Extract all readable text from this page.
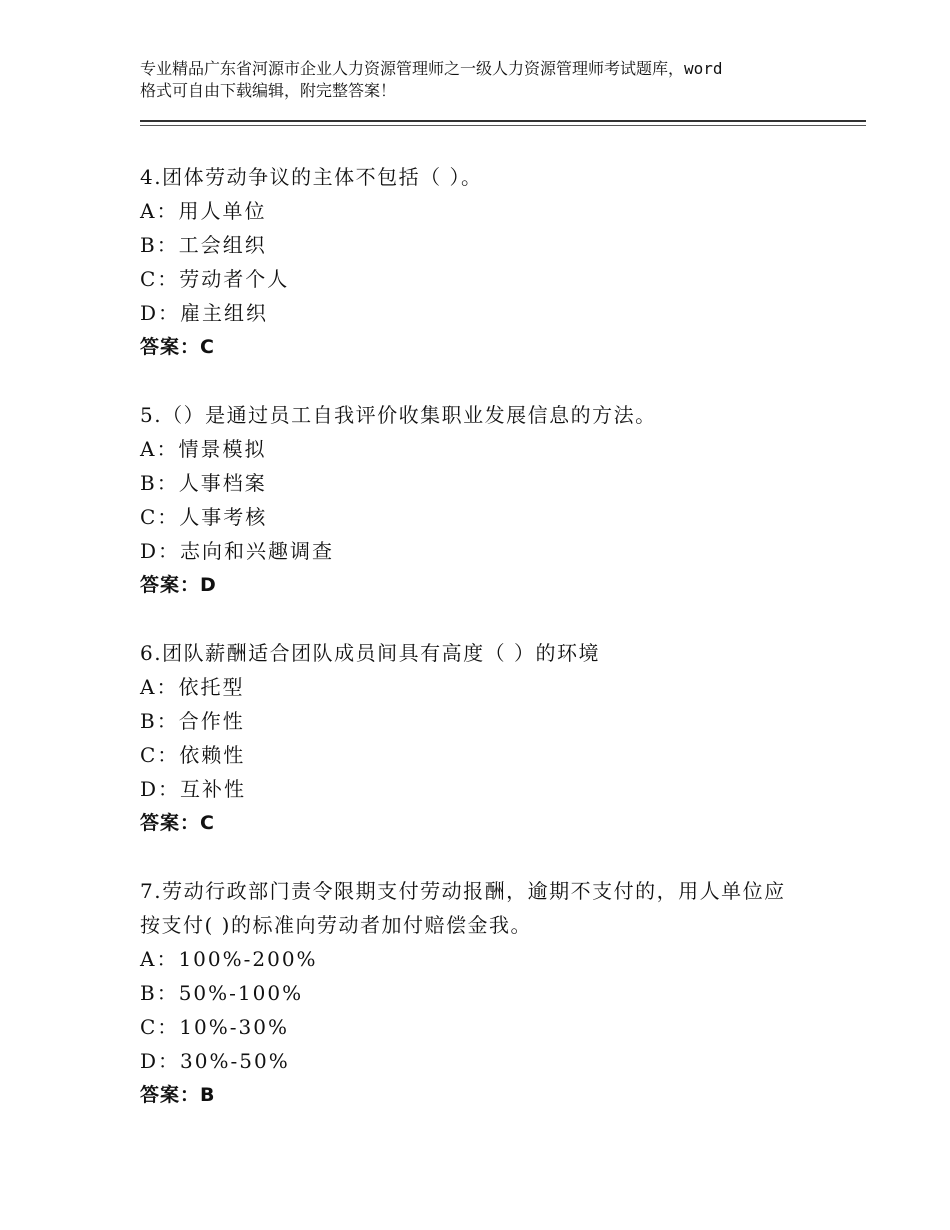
专业精品广东省河源市企业人力资源管理师之一级人力资源管理师考试题库，word
格式可自由下载编辑，附完整答案！
4.团体劳动争议的主体不包括（ ）。
A：用人单位
B：工会组织
C：劳动者个人
D：雇主组织
答案：C
5.（）是通过员工自我评价收集职业发展信息的方法。
A：情景模拟
B：人事档案
C：人事考核
D：志向和兴趣调查
答案：D
6.团队薪酬适合团队成员间具有高度（ ）的环境
A：依托型
B：合作性
C：依赖性
D：互补性
答案：C
7.劳动行政部门责令限期支付劳动报酬，逾期不支付的，用人单位应
按支付( )的标准向劳动者加付赔偿金我。
A：100%-200%
B：50%-100%
C：10%-30%
D：30%-50%
答案：B
